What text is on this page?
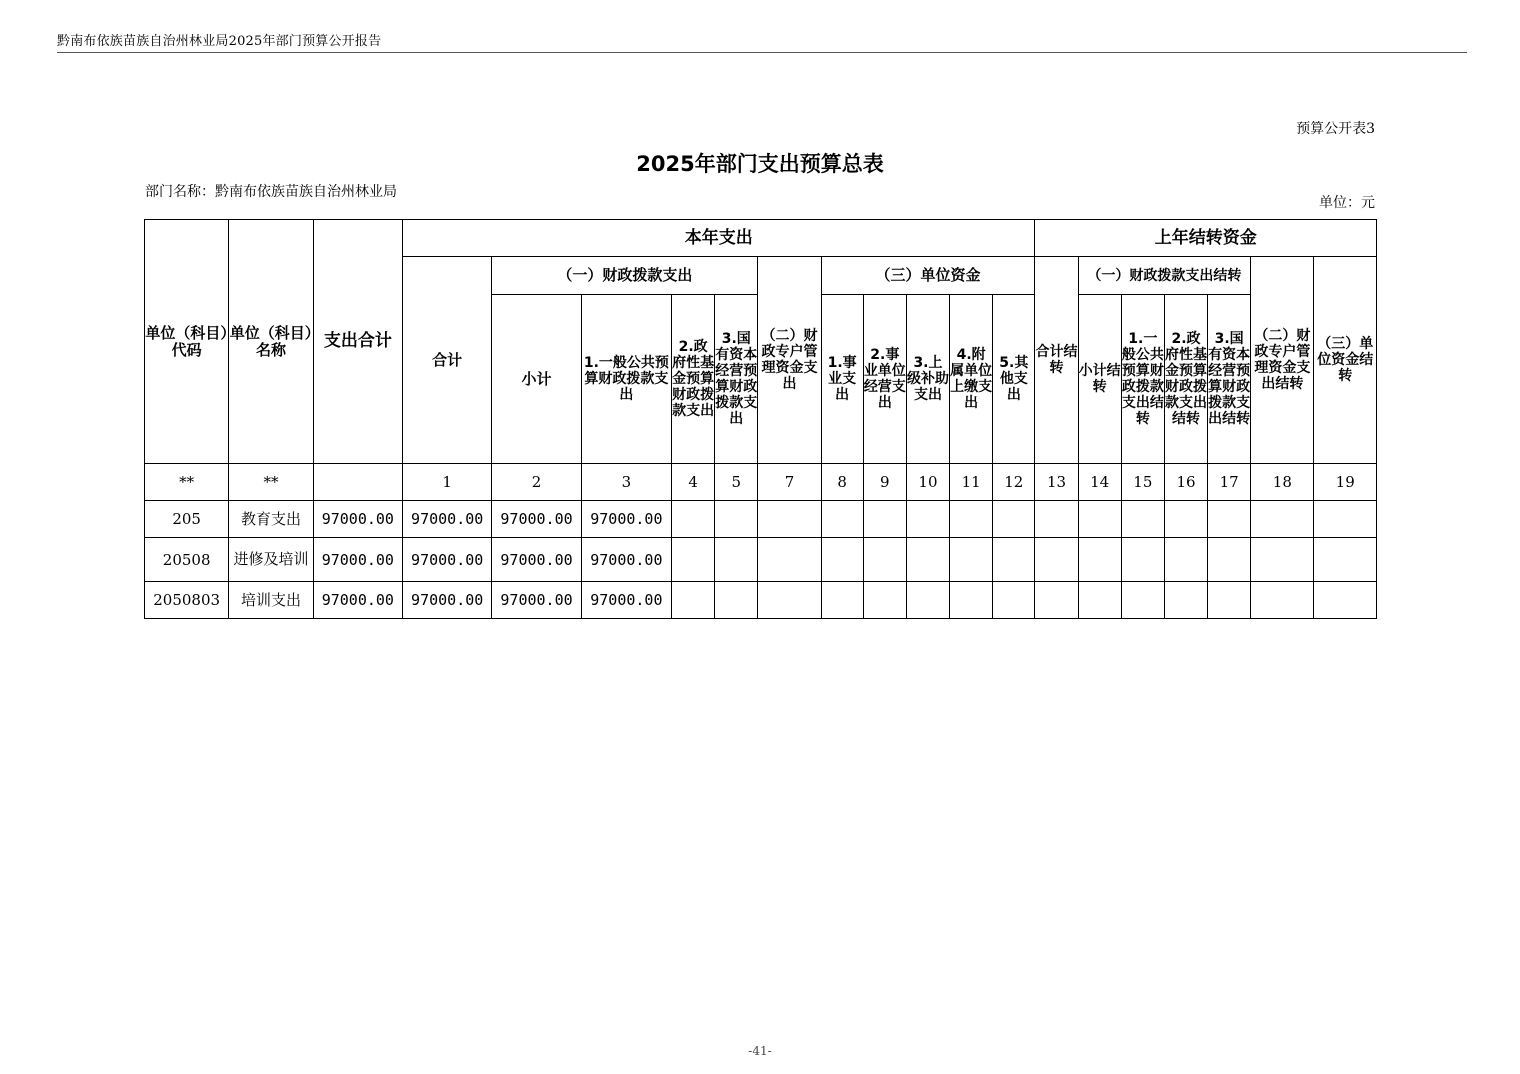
黔南布依族苗族自治州林业局2025年部门预算公开报告
预算公开表3
2025年部门支出预算总表
部门名称：黔南布依族苗族自治州林业局
单位：元
单位（科目）代码	单位（科目）名称	支出合计	本年支出											上年结转资金						
			合计	（一）财政拨款支出				（二）财政专户管理资金支出	（三）单位资金					合计结转	（一）财政拨款支出结转				（二）财政专户管理资金支出结转	（三）单位资金结转
				小计	1.一般公共预算财政拨款支出	2.政府性基金预算财政拨款支出	3.国有资本经营预算财政拨款支出		1.事业支出	2.事业单位经营支出	3.上级补助支出	4.附属单位上缴支出	5.其他支出		小计结转	1.一般公共预算财政拨款支出结转	2.政府性基金预算财政拨款支出结转	3.国有资本经营预算财政拨款支出结转		
**	**		1	2	3	4	5	7	8	9	10	11	12	13	14	15	16	17	18	19
205	教育支出	97000.00	97000.00	97000.00	97000.00															
20508	进修及培训	97000.00	97000.00	97000.00	97000.00															
2050803	培训支出	97000.00	97000.00	97000.00	97000.00															
-41-
